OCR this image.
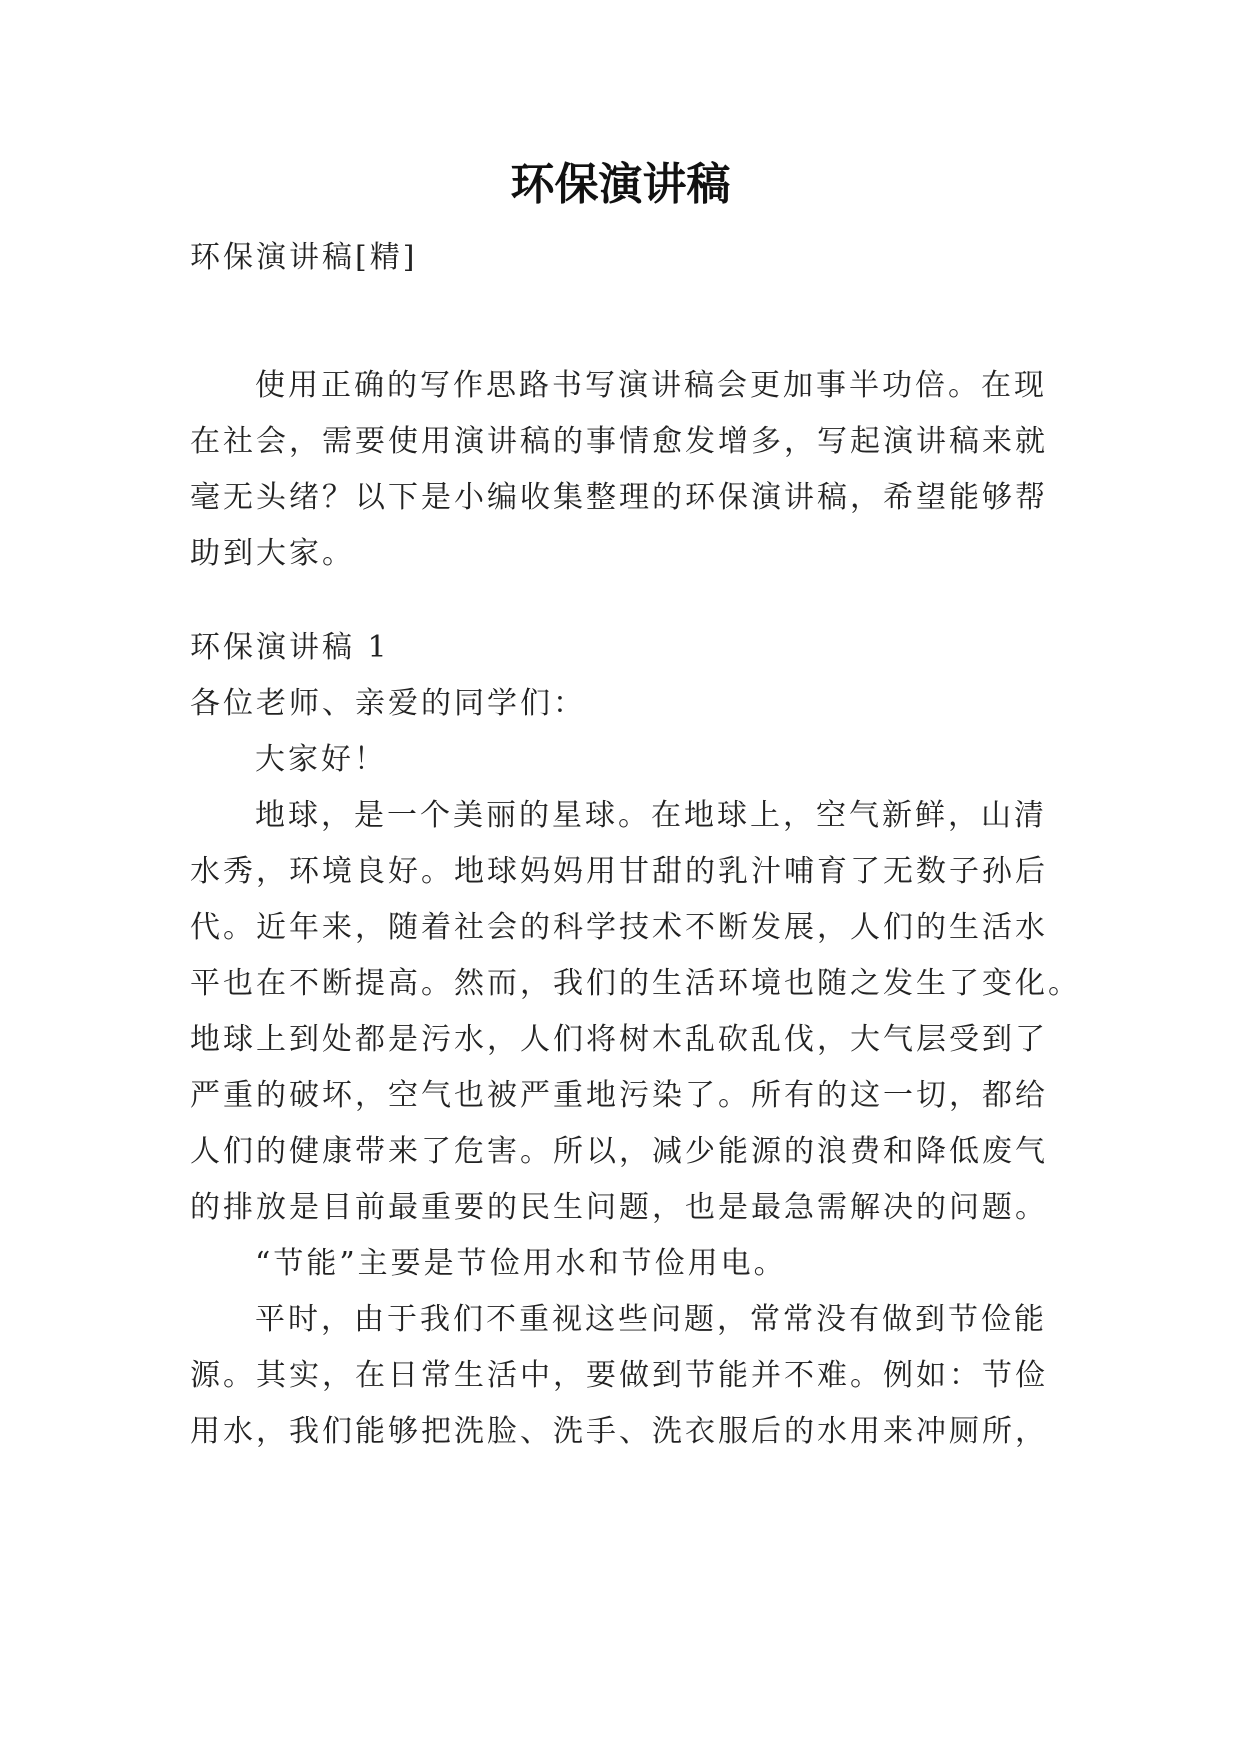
环保演讲稿
环保演讲稿[精]
使用正确的写作思路书写演讲稿会更加事半功倍。在现
在社会，需要使用演讲稿的事情愈发增多，写起演讲稿来就
毫无头绪？以下是小编收集整理的环保演讲稿，希望能够帮
助到大家。
环保演讲稿 1
各位老师、亲爱的同学们：
大家好！
地球，是一个美丽的星球。在地球上，空气新鲜，山清
水秀，环境良好。地球妈妈用甘甜的乳汁哺育了无数子孙后
代。近年来，随着社会的科学技术不断发展，人们的生活水
平也在不断提高。然而，我们的生活环境也随之发生了变化。
地球上到处都是污水，人们将树木乱砍乱伐，大气层受到了
严重的破坏，空气也被严重地污染了。所有的这一切，都给
人们的健康带来了危害。所以，减少能源的浪费和降低废气
的排放是目前最重要的民生问题，也是最急需解决的问题。
“节能”主要是节俭用水和节俭用电。
平时，由于我们不重视这些问题，常常没有做到节俭能
源。其实，在日常生活中，要做到节能并不难。例如：节俭
用水，我们能够把洗脸、洗手、洗衣服后的水用来冲厕所，
